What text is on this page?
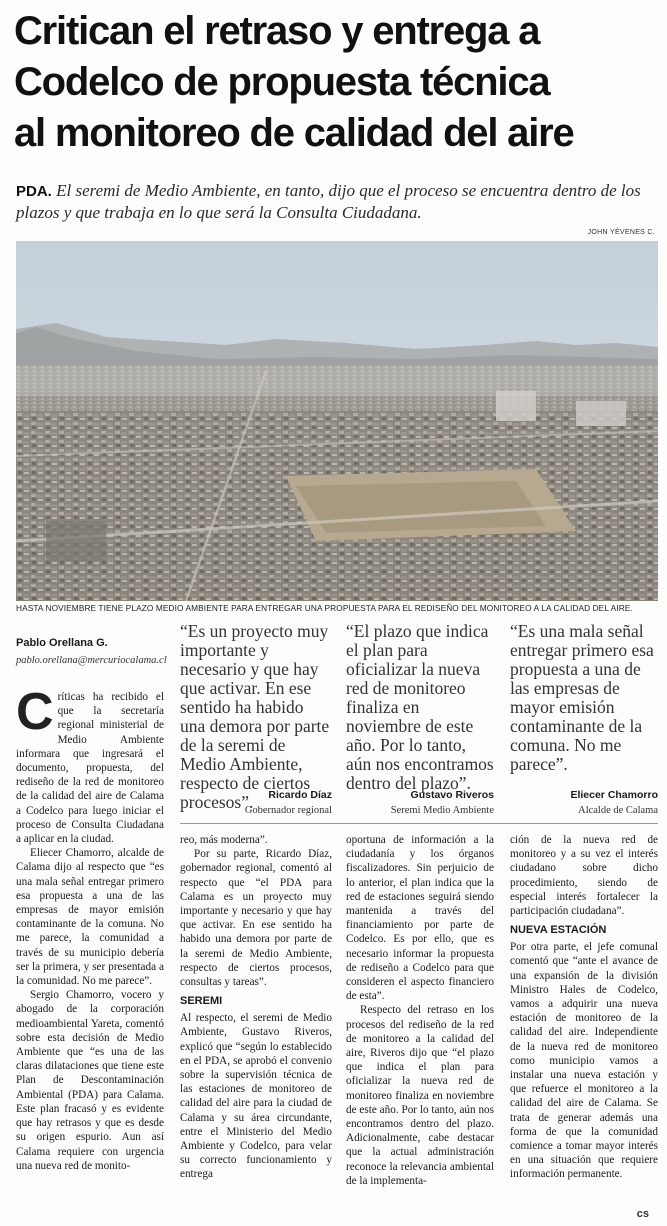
Critican el retraso y entrega a
Codelco de propuesta técnica
al monitoreo de calidad del aire
PDA. El seremi de Medio Ambiente, en tanto, dijo que el proceso se encuentra dentro de los plazos y que trabaja en lo que será la Consulta Ciudadana.
JOHN YÉVENES C.
HASTA NOVIEMBRE TIENE PLAZO MEDIO AMBIENTE PARA ENTREGAR UNA PROPUESTA PARA EL REDISEÑO DEL MONITOREO A LA CALIDAD DEL AIRE.
Pablo Orellana G.
pablo.orellana@mercuriocalama.cl
“Es un proyecto muy importante y necesario y que hay que activar. En ese sentido ha habido una demora por parte de la seremi de Medio Ambiente, respecto de ciertos procesos”.	Ricardo Díaz
Gobernador regional
“El plazo que indica el plan para oficializar la nueva red de monitoreo finaliza en noviembre de este año. Por lo tanto, aún nos encontramos dentro del plazo”.
Gustavo Riveros
Seremi Medio Ambiente
“Es una mala señal entregar primero esa propuesta a una de las empresas de mayor emisión contaminante de la comuna. No me parece”.
Eliecer Chamorro
Alcalde de Calama

Críticas ha recibido el que la secretaría regional ministerial de Medio Ambiente informara que ingresará el documento, propuesta, del rediseño de la red de monitoreo de la calidad del aire de Calama a Codelco para luego iniciar el proceso de Consulta Ciudadana a aplicar en la ciudad.

Eliecer Chamorro, alcalde de Calama dijo al respecto que “es una mala señal entregar primero esa propuesta a una de las empresas de mayor emisión contaminante de la comuna. No me parece, la comunidad a través de su municipio debería ser la primera, y ser presentada a la comunidad. No me parece”.

Sergio Chamorro, vocero y abogado de la corporación medioambiental Yareta, comentó sobre esta decisión de Medio Ambiente que “es una de las claras dilataciones que tiene este Plan de Descontaminación Ambiental (PDA) para Calama. Este plan fracasó y es evidente que hay retrasos y que es desde su origen espurio. Aun así Calama requiere con urgencia una nueva red de monito-

reo, más moderna”.

Por su parte, Ricardo Díaz, gobernador regional, comentó al respecto que “el PDA para Calama es un proyecto muy importante y necesario y que hay que activar. En ese sentido ha habido una demora por parte de la seremi de Medio Ambiente, respecto de ciertos procesos, consultas y tareas”.

SEREMI

Al respecto, el seremi de Medio Ambiente, Gustavo Riveros, explicó que “según lo establecido en el PDA, se aprobó el convenio sobre la supervisión técnica de las estaciones de monitoreo de calidad del aire para la ciudad de Calama y su área circundante, entre el Ministerio del Medio Ambiente y Codelco, para velar su correcto funcionamiento y entrega

oportuna de información a la ciudadanía y los órganos fiscalizadores. Sin perjuicio de lo anterior, el plan indica que la red de estaciones seguirá siendo mantenida a través del financiamiento por parte de Codelco. Es por ello, que es necesario informar la propuesta de rediseño a Codelco para que consideren el aspecto financiero de esta”.

Respecto del retraso en los procesos del rediseño de la red de monitoreo a la calidad del aire, Riveros dijo que “el plazo que indica el plan para oficializar la nueva red de monitoreo finaliza en noviembre de este año. Por lo tanto, aún nos encontramos dentro del plazo. Adicionalmente, cabe destacar que la actual administración reconoce la relevancia ambiental de la implementa-

ción de la nueva red de monitoreo y a su vez el interés ciudadano sobre dicho procedimiento, siendo de especial interés fortalecer la participación ciudadana”.

NUEVA ESTACIÓN

Por otra parte, el jefe comunal comentó que “ante el avance de una expansión de la división Ministro Hales de Codelco, vamos a adquirir una nueva estación de monitoreo de la calidad del aire. Independiente de la nueva red de monitoreo como municipio vamos a instalar una nueva estación y que refuerce el monitoreo a la calidad del aire de Calama. Se trata de generar además una forma de que la comunidad comience a tomar mayor interés en una situación que requiere información permanente.

cs
